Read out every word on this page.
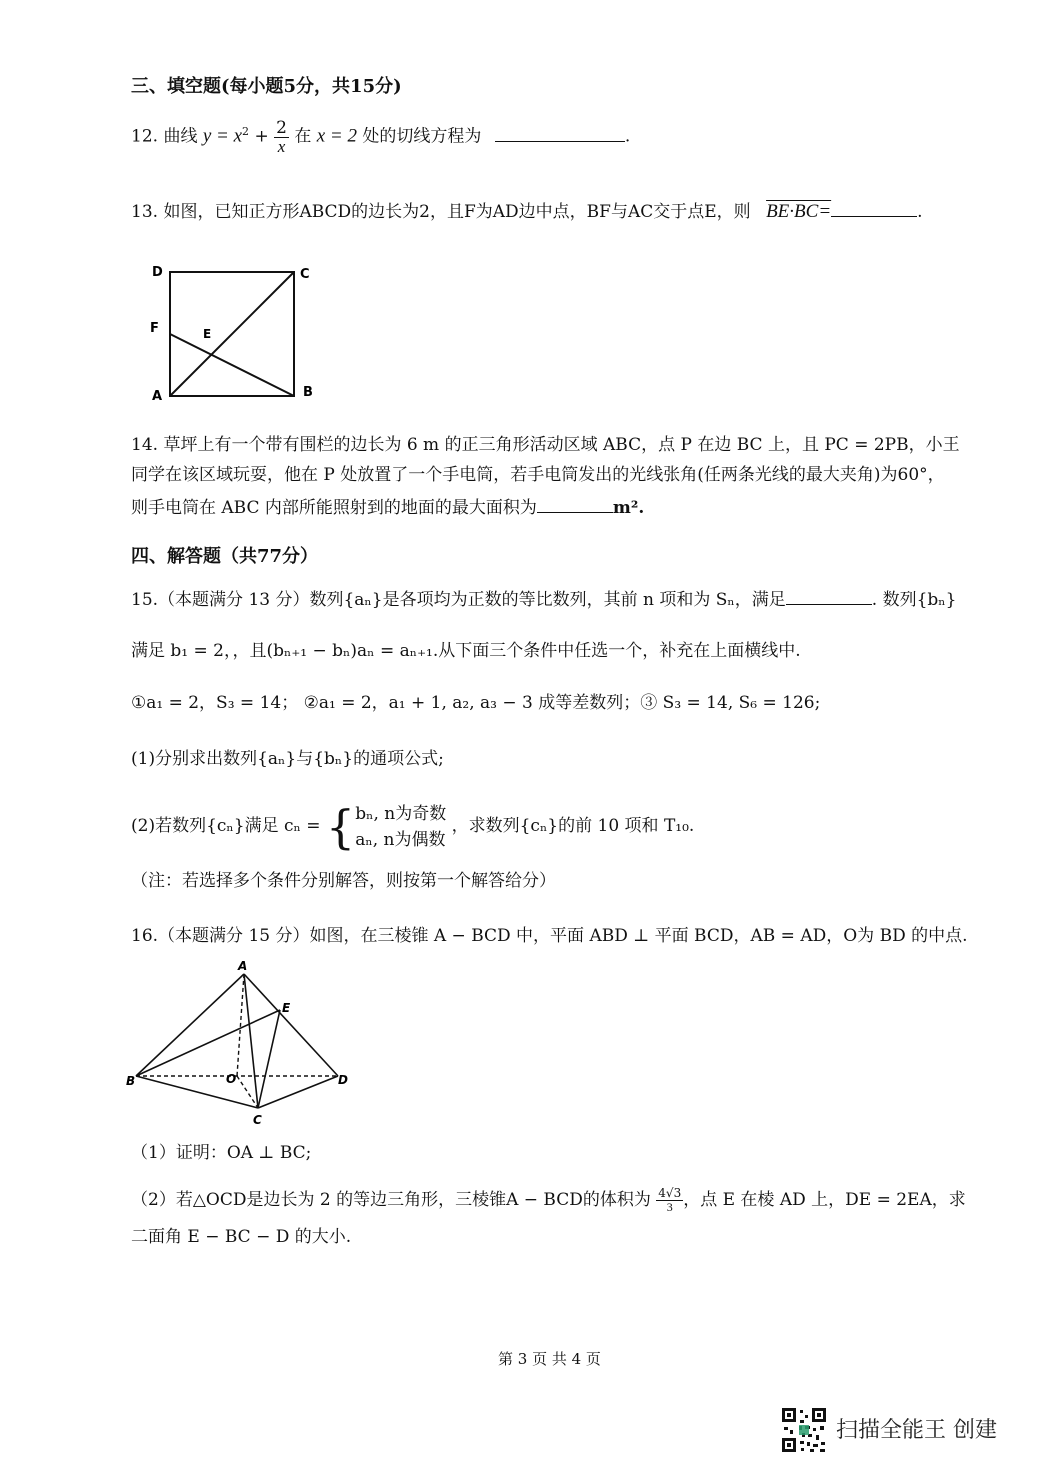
三、填空题(每小题5分，共15分)
12. 曲线 $y = x^2 + \frac{2}{x}$ 在 x = 2 处的切线方程为	.
13. 如图，已知正方形ABCD的边长为2，且F为AD边中点，BF与AC交于点E，则 BE·BC=	.
D	C
F	E
A	B
14. 草坪上有一个带有围栏的边长为 6 m 的正三角形活动区域 ABC，点 P 在边 BC 上，且 PC = 2PB，小王
同学在该区域玩耍，他在 P 处放置了一个手电筒，若手电筒发出的光线张角(任两条光线的最大夹角)为60°，
则手电筒在 ABC 内部所能照射到的地面的最大面积为	m².
四、解答题（共77分）
15.（本题满分 13 分）数列{aₙ}是各项均为正数的等比数列，其前 n 项和为 Sₙ，满足	. 数列{bₙ}
满足 b₁ = 2，，且(bₙ₊₁ − bₙ)aₙ = aₙ₊₁.从下面三个条件中任选一个，补充在上面横线中.
①a₁ = 2，S₃ = 14； ②a₁ = 2，a₁ + 1, a₂, a₃ − 3 成等差数列；③ S₃ = 14, S₆ = 126;
(1)分别求出数列{aₙ}与{bₙ}的通项公式;
(2)若数列{cₙ}满足 cₙ = { bₙ, n为奇数
aₙ, n为偶数
，求数列{cₙ}的前 10 项和 T₁₀.
（注：若选择多个条件分别解答，则按第一个解答给分）
16.（本题满分 15 分）如图，在三棱锥 A − BCD 中，平面 ABD ⊥ 平面 BCD，AB = AD，O为 BD 的中点.
A
E
B	O	D
C
（1）证明：OA ⊥ BC;
（2）若△OCD是边长为 2 的等边三角形，三棱锥A − BCD的体积为 $\frac{4√3}{3}$ ，点 E 在棱 AD 上，DE = 2EA，求
二面角 E − BC − D 的大小.
第 3 页 共 4 页
扫描全能王 创建
